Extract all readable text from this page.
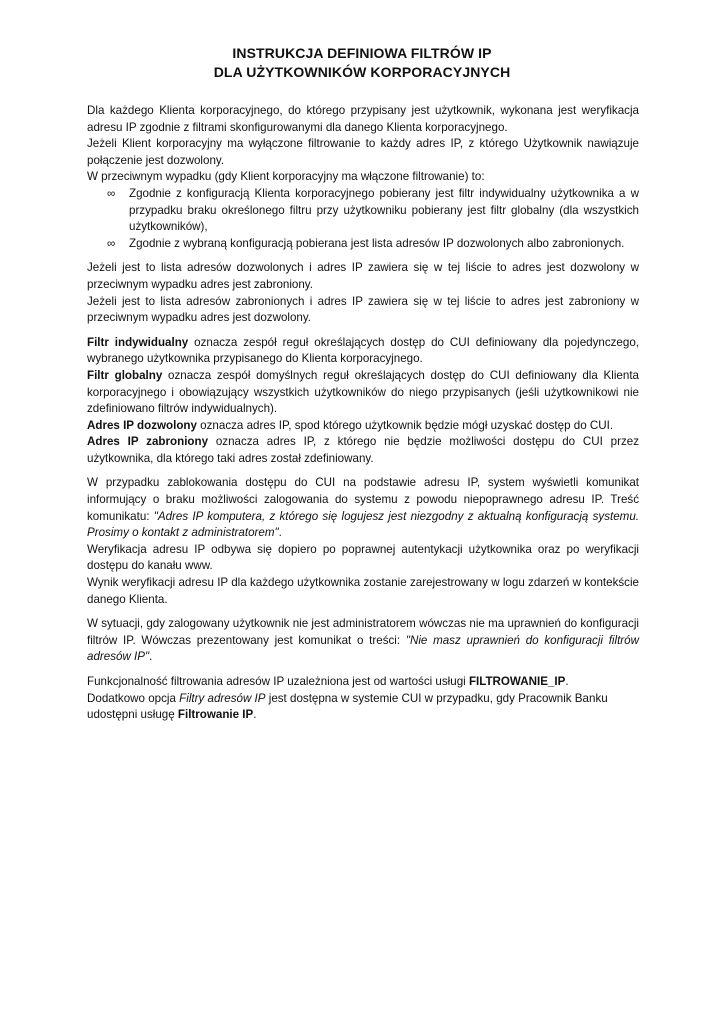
INSTRUKCJA DEFINIOWA FILTRÓW IP
DLA UŻYTKOWNIKÓW KORPORACYJNYCH

Dla każdego Klienta korporacyjnego, do którego przypisany jest użytkownik, wykonana jest weryfikacja adresu IP zgodnie z filtrami skonfigurowanymi dla danego Klienta korporacyjnego.

Jeżeli Klient korporacyjny ma wyłączone filtrowanie to każdy adres IP, z którego Użytkownik nawiązuje połączenie jest dozwolony.

W przeciwnym wypadku (gdy Klient korporacyjny ma włączone filtrowanie) to:

∞	Zgodnie z konfiguracją Klienta korporacyjnego pobierany jest filtr indywidualny użytkownika a w przypadku braku określonego filtru przy użytkowniku pobierany jest filtr globalny (dla wszystkich użytkowników),
∞	Zgodnie z wybraną konfiguracją pobierana jest lista adresów IP dozwolonych albo zabronionych.

Jeżeli jest to lista adresów dozwolonych i adres IP zawiera się w tej liście to adres jest dozwolony w przeciwnym wypadku adres jest zabroniony.

Jeżeli jest to lista adresów zabronionych i adres IP zawiera się w tej liście to adres jest zabroniony w przeciwnym wypadku adres jest dozwolony.

Filtr indywidualny oznacza zespół reguł określających dostęp do CUI definiowany dla pojedynczego, wybranego użytkownika przypisanego do Klienta korporacyjnego.

Filtr globalny oznacza zespół domyślnych reguł określających dostęp do CUI definiowany dla Klienta korporacyjnego i obowiązujący wszystkich użytkowników do niego przypisanych (jeśli użytkownikowi nie zdefiniowano filtrów indywidualnych).

Adres IP dozwolony oznacza adres IP, spod którego użytkownik będzie mógł uzyskać dostęp do CUI.

Adres IP zabroniony oznacza adres IP, z którego nie będzie możliwości dostępu do CUI przez użytkownika, dla którego taki adres został zdefiniowany.

W przypadku zablokowania dostępu do CUI na podstawie adresu IP, system wyświetli komunikat informujący o braku możliwości zalogowania do systemu z powodu niepoprawnego adresu IP. Treść komunikatu: "Adres IP komputera, z którego się logujesz jest niezgodny z aktualną konfiguracją systemu. Prosimy o kontakt z administratorem".

Weryfikacja adresu IP odbywa się dopiero po poprawnej autentykacji użytkownika oraz po weryfikacji dostępu do kanału www.

Wynik weryfikacji adresu IP dla każdego użytkownika zostanie zarejestrowany w logu zdarzeń w kontekście danego Klienta.

W sytuacji, gdy zalogowany użytkownik nie jest administratorem wówczas nie ma uprawnień do konfiguracji filtrów IP. Wówczas prezentowany jest komunikat o treści: "Nie masz uprawnień do konfiguracji filtrów adresów IP".

Funkcjonalność filtrowania adresów IP uzależniona jest od wartości usługi FILTROWANIE_IP.

Dodatkowo opcja Filtry adresów IP jest dostępna w systemie CUI w przypadku, gdy Pracownik Banku udostępni usługę Filtrowanie IP.
